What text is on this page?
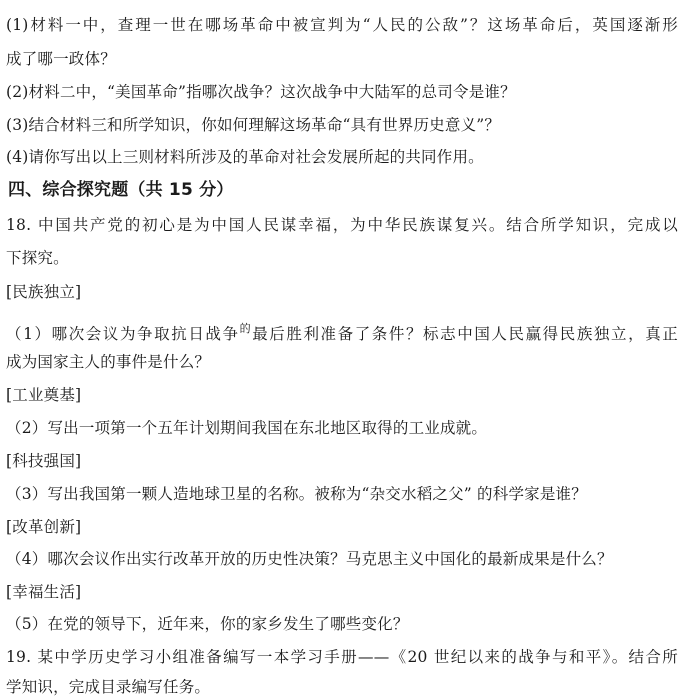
(1)材料一中，查理一世在哪场革命中被宣判为“人民的公敌”？这场革命后，英国逐渐形
成了哪一政体？
(2)材料二中，“美国革命”指哪次战争？这次战争中大陆军的总司令是谁？
(3)结合材料三和所学知识，你如何理解这场革命“具有世界历史意义”？
(4)请你写出以上三则材料所涉及的革命对社会发展所起的共同作用。
四、综合探究题（共 15 分）
18. 中国共产党的初心是为中国人民谋幸福，为中华民族谋复兴。结合所学知识，完成以
下探究。
[民族独立]
（1）哪次会议为争取抗日战争$^的$最后胜利准备了条件？标志中国人民赢得民族独立，真正
成为国家主人的事件是什么？
[工业奠基]
（2）写出一项第一个五年计划期间我国在东北地区取得的工业成就。
[科技强国]
（3）写出我国第一颗人造地球卫星的名称。被称为“杂交水稻之父” 的科学家是谁？
[改革创新]
（4）哪次会议作出实行改革开放的历史性决策？马克思主义中国化的最新成果是什么？
[幸福生活]
（5）在党的领导下，近年来，你的家乡发生了哪些变化？
19. 某中学历史学习小组准备编写一本学习手册——《20 世纪以来的战争与和平》。结合所
学知识，完成目录编写任务。
